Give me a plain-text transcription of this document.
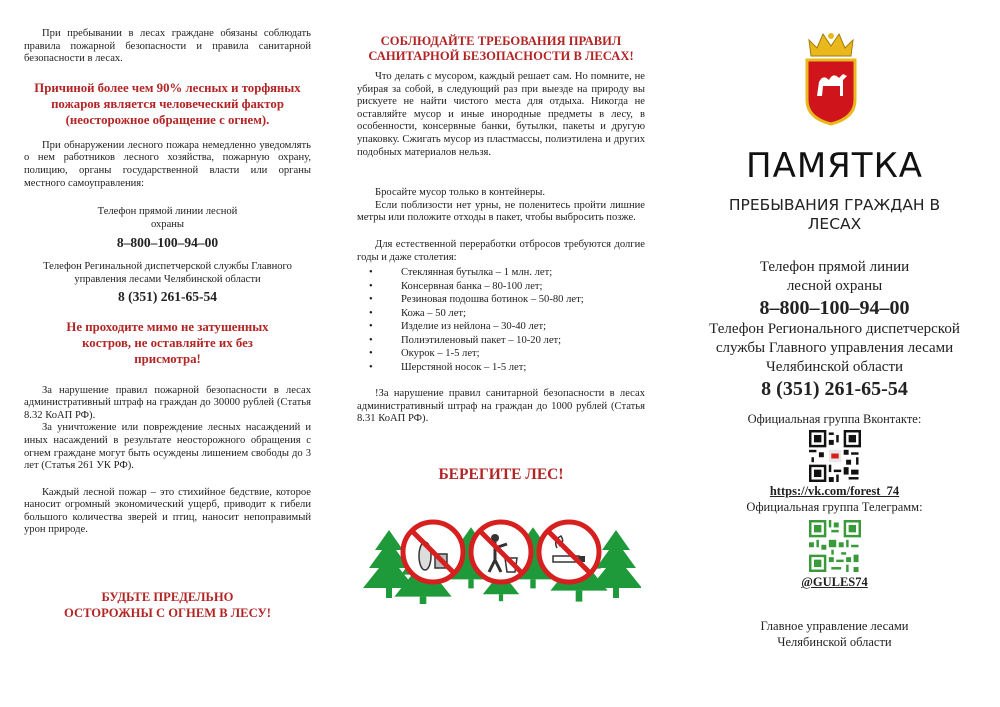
При пребывании в лесах граждане обязаны соблюдать правила пожарной безопасности и правила санитарной безопасности в лесах.

Причиной более чем 90% лесных и торфяных пожаров является человеческий фактор (неосторожное обращение с огнем).

При обнаружении лесного пожара немедленно уведомлять о нем работников лесного хозяйства, пожарную охрану, полицию, органы государственной власти или органы местного самоуправления:

Телефон прямой линии лесной охраны

8–800–100–94–00

Телефон Регинальной диспетчерской службы Главного управления лесами Челябинской области

8 (351) 261-65-54

Не проходите мимо не затушенных костров, не оставляйте их без присмотра!

За нарушение правил пожарной безопасности в лесах административный штраф на граждан до 30000 рублей (Статья 8.32 КоАП РФ).

За уничтожение или повреждение лесных насаждений и иных насаждений в результате неосторожного обращения с огнем граждане могут быть осуждены лишением свободы до 3 лет (Статья 261 УК РФ).

Каждый лесной пожар – это стихийное бедствие, которое наносит огромный экономический ущерб, приводит к гибели большого количества зверей и птиц, наносит непоправимый урон природе.

БУДЬТЕ ПРЕДЕЛЬНО ОСТОРОЖНЫ С ОГНЕМ В ЛЕСУ!

СОБЛЮДАЙТЕ ТРЕБОВАНИЯ ПРАВИЛ САНИТАРНОЙ БЕЗОПАСНОСТИ В ЛЕСАХ!

Что делать с мусором, каждый решает сам. Но помните, не убирая за собой, в следующий раз при выезде на природу вы рискуете не найти чистого места для отдыха. Никогда не оставляйте мусор и иные инородные предметы в лесу, в особенности, консервные банки, бутылки, пакеты и другую упаковку. Сжигать мусор из пластмассы, полиэтилена и других подобных материалов нельзя.

Бросайте мусор только в контейнеры.

Если поблизости нет урны, не поленитесь пройти лишние метры или положите отходы в пакет, чтобы выбросить позже.

Для естественной переработки отбросов требуются долгие годы и даже столетия:

• Стеклянная бутылка – 1 млн. лет;
• Консервная банка – 80-100 лет;
• Резиновая подошва ботинок – 50-80 лет;
• Кожа – 50 лет;
• Изделие из нейлона – 30-40 лет;
• Полиэтиленовый пакет – 10-20 лет;
• Окурок – 1-5 лет;
• Шерстяной носок – 1-5 лет;

!За нарушение правил санитарной безопасности в лесах административный штраф на граждан до 1000 рублей (Статья 8.31 КоАП РФ).

БЕРЕГИТЕ ЛЕС!

ПАМЯТКА

ПРЕБЫВАНИЯ ГРАЖДАН В ЛЕСАХ

Телефон прямой линии лесной охраны

8–800–100–94–00

Телефон Регионального диспетчерской службы Главного управления лесами Челябинской области

8 (351) 261-65-54

Официальная группа Вконтакте:

https://vk.com/forest_74

Официальная группа Телеграмм:

@GULES74

Главное управление лесами Челябинской области
